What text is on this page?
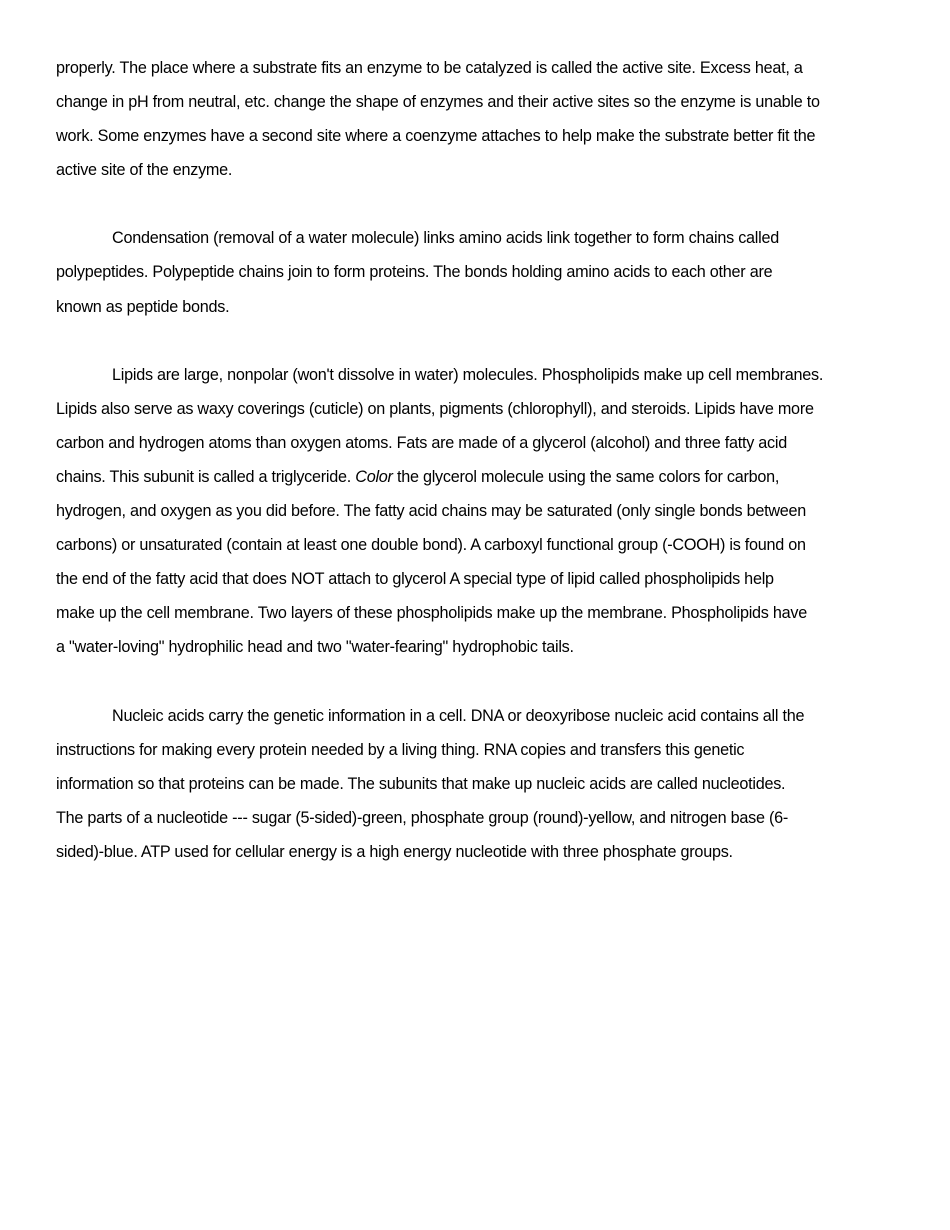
properly. The place where a substrate fits an enzyme to be catalyzed is called the active site. Excess heat, a
change in pH from neutral, etc. change the shape of enzymes and their active sites so the enzyme is unable to
work. Some enzymes have a second site where a coenzyme attaches to help make the substrate better fit the
active site of the enzyme.

Condensation (removal of a water molecule) links amino acids link together to form chains called
polypeptides. Polypeptide chains join to form proteins. The bonds holding amino acids to each other are
known as peptide bonds.

Lipids are large, nonpolar (won't dissolve in water) molecules. Phospholipids make up cell membranes.
Lipids also serve as waxy coverings (cuticle) on plants, pigments (chlorophyll), and steroids. Lipids have more
carbon and hydrogen atoms than oxygen atoms. Fats are made of a glycerol (alcohol) and three fatty acid
chains. This subunit is called a triglyceride. Color the glycerol molecule using the same colors for carbon,
hydrogen, and oxygen as you did before. The fatty acid chains may be saturated (only single bonds between
carbons) or unsaturated (contain at least one double bond). A carboxyl functional group (-COOH) is found on
the end of the fatty acid that does NOT attach to glycerol A special type of lipid called phospholipids help
make up the cell membrane. Two layers of these phospholipids make up the membrane. Phospholipids have
a "water-loving" hydrophilic head and two "water-fearing" hydrophobic tails.

Nucleic acids carry the genetic information in a cell. DNA or deoxyribose nucleic acid contains all the
instructions for making every protein needed by a living thing. RNA copies and transfers this genetic
information so that proteins can be made. The subunits that make up nucleic acids are called nucleotides.
The parts of a nucleotide --- sugar (5-sided)-green, phosphate group (round)-yellow, and nitrogen base (6-
sided)-blue. ATP used for cellular energy is a high energy nucleotide with three phosphate groups.
